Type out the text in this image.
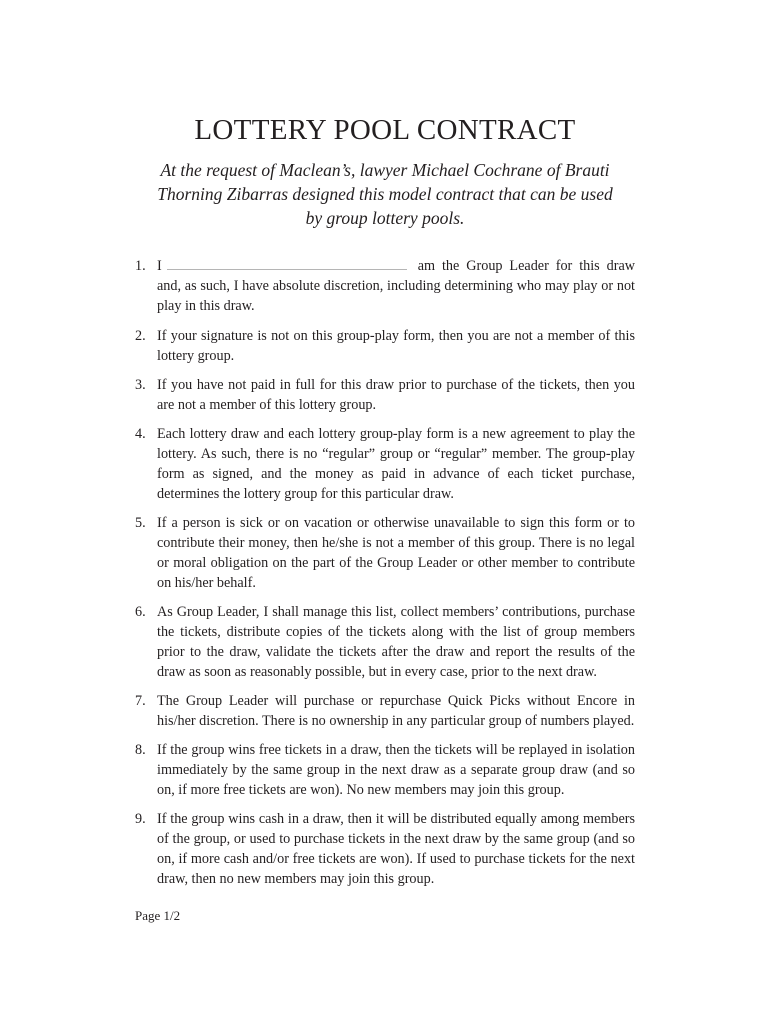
LOTTERY POOL CONTRACT

At the request of Maclean’s, lawyer Michael Cochrane of Brauti Thorning Zibarras designed this model contract that can be used by group lottery pools.

1. I	am the Group Leader for this draw and, as such, I have absolute discretion, including determining who may play or not play in this draw.
2. If your signature is not on this group-play form, then you are not a member of this lottery group.
3. If you have not paid in full for this draw prior to purchase of the tickets, then you are not a member of this lottery group.
4. Each lottery draw and each lottery group-play form is a new agreement to play the lottery. As such, there is no “regular” group or “regular” member. The group-play form as signed, and the money as paid in advance of each ticket purchase, determines the lottery group for this particular draw.
5. If a person is sick or on vacation or otherwise unavailable to sign this form or to contribute their money, then he/she is not a member of this group. There is no legal or moral obligation on the part of the Group Leader or other member to contribute on his/her behalf.
6. As Group Leader, I shall manage this list, collect members’ contributions, purchase the tickets, distribute copies of the tickets along with the list of group members prior to the draw, validate the tickets after the draw and report the results of the draw as soon as reasonably possible, but in every case, prior to the next draw.
7. The Group Leader will purchase or repurchase Quick Picks without Encore in his/her discretion. There is no ownership in any particular group of numbers played.
8. If the group wins free tickets in a draw, then the tickets will be replayed in isolation immediately by the same group in the next draw as a separate group draw (and so on, if more free tickets are won). No new members may join this group.
9. If the group wins cash in a draw, then it will be distributed equally among members of the group, or used to purchase tickets in the next draw by the same group (and so on, if more cash and/or free tickets are won). If used to purchase tickets for the next draw, then no new members may join this group.
Page 1/2
